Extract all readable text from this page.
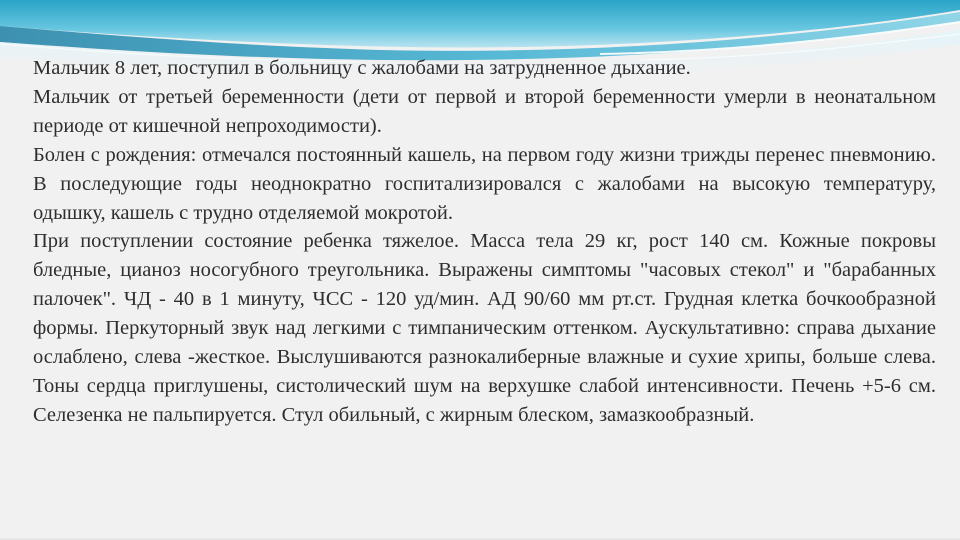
Мальчик 8 лет, поступил в больницу с жалобами на затрудненное дыхание.

Мальчик от третьей беременности (дети от первой и второй беременности умерли в неонатальном периоде от кишечной непроходимости).

Болен с рождения: отмечался постоянный кашель, на первом году жизни трижды перенес пневмонию. В последующие годы неоднократно госпитализировался с жалобами на высокую температуру, одышку, кашель с трудно отделяемой мокротой.

При поступлении состояние ребенка тяжелое. Масса тела 29 кг, рост 140 см. Кожные покровы бледные, цианоз носогубного треугольника. Выражены симптомы "часовых стекол" и "барабанных палочек". ЧД - 40 в 1 минуту, ЧСС - 120 уд/мин. АД 90/60 мм рт.ст. Грудная клетка бочкообразной формы. Перкуторный звук над легкими с тимпаническим оттенком. Аускультативно: справа дыхание ослаблено, слева -жесткое. Выслушиваются разнокалиберные влажные и сухие хрипы, больше слева. Тоны сердца приглушены, систолический шум на верхушке слабой интенсивности. Печень +5-6 см. Селезенка не пальпируется. Стул обильный, с жирным блеском, замазкообразный.
